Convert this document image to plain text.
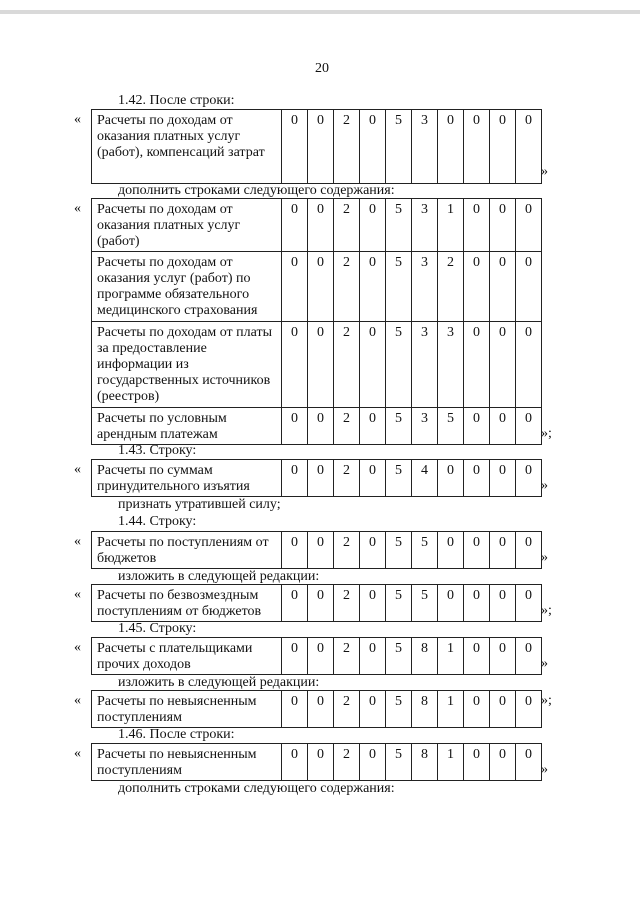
20
1.42. После строки:
« Расчеты по доходам от оказания платных услуг (работ), компенсаций затрат	0	0	2	0	5	3	0	0	0	0
»
дополнить строками следующего содержания:
« Расчеты по доходам от оказания платных услуг (работ)	0	0	2	0	5	3	1	0	0	0
Расчеты по доходам от оказания услуг (работ) по программе обязательного медицинского страхования	0	0	2	0	5	3	2	0	0	0
Расчеты по доходам от платы за предоставление информации из государственных источников (реестров)	0	0	2	0	5	3	3	0	0	0
Расчеты по условным арендным платежам	0	0	2	0	5	3	5	0	0	0
»;
1.43. Строку:
« Расчеты по суммам принудительного изъятия	0	0	2	0	5	4	0	0	0	0
»
признать утратившей силу;
1.44. Строку:
« Расчеты по поступлениям от бюджетов	0	0	2	0	5	5	0	0	0	0
»
изложить в следующей редакции:
« Расчеты по безвозмездным поступлениям от бюджетов	0	0	2	0	5	5	0	0	0	0
»;
1.45. Строку:
« Расчеты с плательщиками прочих доходов	0	0	2	0	5	8	1	0	0	0
»
изложить в следующей редакции:
« Расчеты по невыясненным поступлениям	0	0	2	0	5	8	1	0	0	0 »;
1.46. После строки:
« Расчеты по невыясненным поступлениям	0	0	2	0	5	8	1	0	0	0
»
дополнить строками следующего содержания:
